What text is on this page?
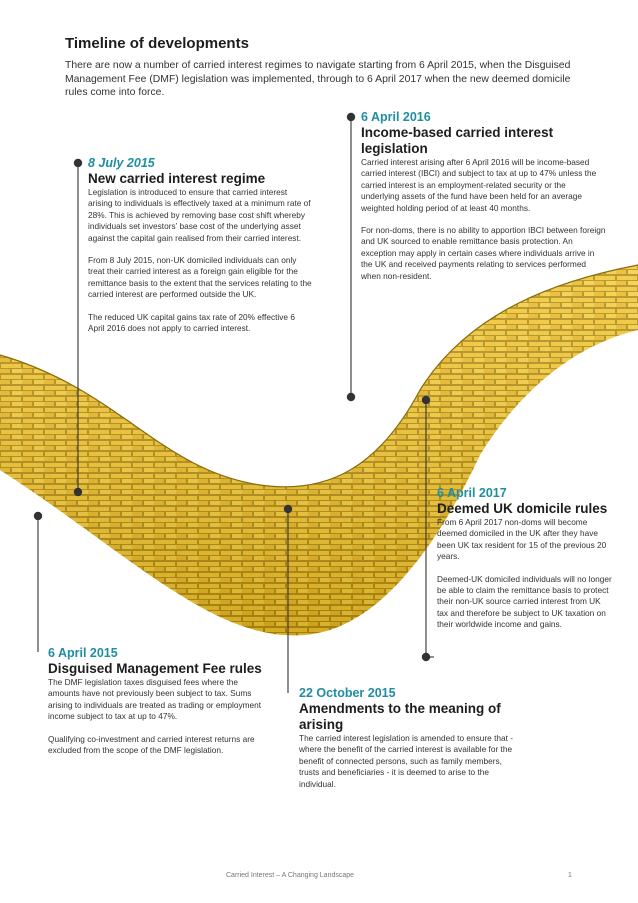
Timeline of developments
There are now a number of carried interest regimes to navigate starting from 6 April 2015, when the Disguised Management Fee (DMF) legislation was implemented, through to 6 April 2017 when the new deemed domicile rules come into force.
8 July 2015
New carried interest regime
Legislation is introduced to ensure that carried interest arising to individuals is effectively taxed at a minimum rate of 28%. This is achieved by removing base cost shift whereby individuals set investors’ base cost of the underlying asset against the capital gain realised from their carried interest.
From 8 July 2015, non-UK domiciled individuals can only treat their carried interest as a foreign gain eligible for the remittance basis to the extent that the services relating to the carried interest are performed outside the UK.
The reduced UK capital gains tax rate of 20% effective 6 April 2016 does not apply to carried interest.
6 April 2016
Income-based carried interest legislation
Carried interest arising after 6 April 2016 will be income-based carried interest (IBCI) and subject to tax at up to 47% unless the carried interest is an employment-related security or the underlying assets of the fund have been held for an average weighted holding period of at least 40 months.
For non-doms, there is no ability to apportion IBCI between foreign and UK sourced to enable remittance basis protection. An exception may apply in certain cases where individuals arrive in the UK and received payments relating to services performed when non-resident.
6 April 2017
Deemed UK domicile rules
From 6 April 2017 non-doms will become deemed domiciled in the UK after they have been UK tax resident for 15 of the previous 20 years.
Deemed-UK domiciled individuals will no longer be able to claim the remittance basis to protect their non-UK source carried interest from UK tax and therefore be subject to UK taxation on their worldwide income and gains.
6 April 2015
Disguised Management Fee rules
The DMF legislation taxes disguised fees where the amounts have not previously been subject to tax. Sums arising to individuals are treated as trading or employment income subject to tax at up to 47%.
Qualifying co-investment and carried interest returns are excluded from the scope of the DMF legislation.
22 October 2015
Amendments to the meaning of arising
The carried interest legislation is amended to ensure that - where the benefit of the carried interest is available for the benefit of connected persons, such as family members, trusts and beneficiaries - it is deemed to arise to the individual.
Carried Interest – A Changing Landscape	1
